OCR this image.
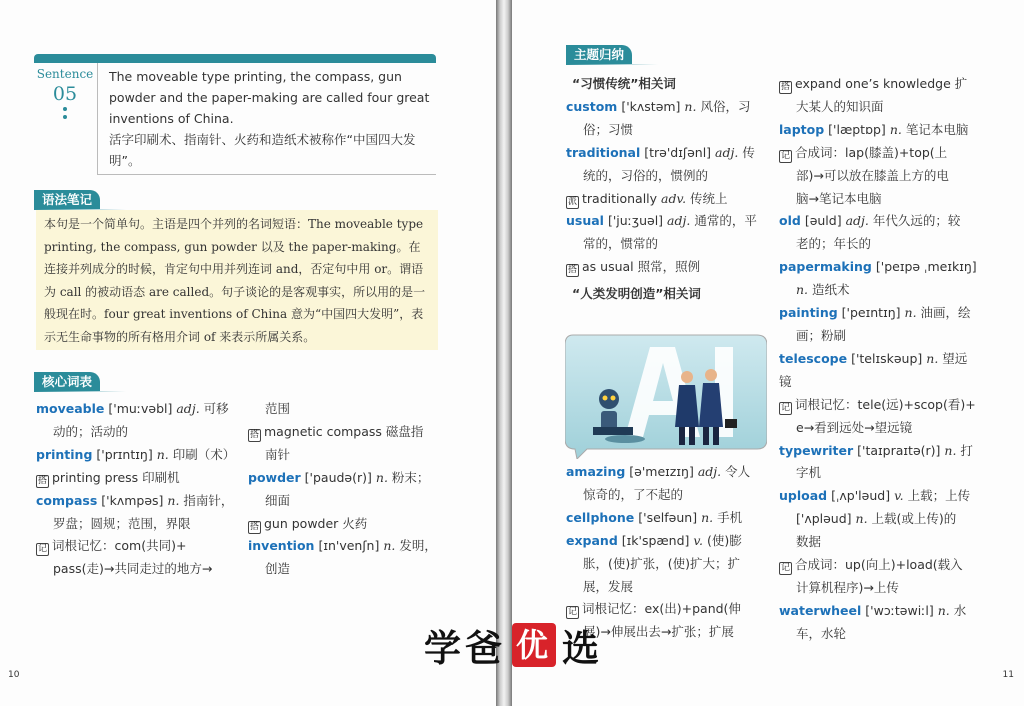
Sentence
05

The moveable type printing, the compass, gun powder and the paper-making are called four great inventions of China.

活字印刷术、指南针、火药和造纸术被称作“中国四大发明”。

语法笔记

本句是一个简单句。主语是四个并列的名词短语：The moveable type printing, the compass, gun powder 以及 the paper-making。在连接并列成分的时候，肯定句中用并列连词 and，否定句中用 or。谓语为 call 的被动语态 are called。句子谈论的是客观事实，所以用的是一般现在时。four great inventions of China 意为“中国四大发明”，表示无生命事物的所有格用介词 of 来表示所属关系。

核心词表

moveable ['muːvəbl] adj. 可移

动的；活动的

printing ['prɪntɪŋ] n. 印刷（术）

搭 printing press 印刷机

compass ['kʌmpəs] n. 指南针，

罗盘；圆规；范围，界限

记 词根记忆：com(共同)+

pass(走)→共同走过的地方→

范围

搭 magnetic compass 磁盘指

南针

powder ['paudə(r)] n. 粉末；

细面

搭 gun powder 火药

invention [ɪn'venʃn] n. 发明，

创造

10
主题归纳

“习惯传统”相关词

custom ['kʌstəm] n. 风俗，习

俗；习惯

traditional [trə'dɪʃənl] adj. 传

统的，习俗的，惯例的

派 traditionally adv. 传统上

usual ['juːʒuəl] adj. 通常的，平

常的，惯常的

搭 as usual 照常，照例

“人类发明创造”相关词

amazing [ə'meɪzɪŋ] adj. 令人

惊奇的，了不起的

cellphone ['selfəun] n. 手机

expand [ɪk'spænd] v. (使)膨

胀，(使)扩张，(使)扩大；扩

展，发展

记 词根记忆：ex(出)+pand(伸

展)→伸展出去→扩张；扩展

搭 expand one’s knowledge 扩

大某人的知识面

laptop ['læptɒp] n. 笔记本电脑

记 合成词：lap(膝盖)+top(上

部)→可以放在膝盖上方的电

脑→笔记本电脑

old [əuld] adj. 年代久远的；较

老的；年长的

papermaking ['peɪpə ˌmeɪkɪŋ]

n. 造纸术

painting ['peɪntɪŋ] n. 油画，绘

画；粉刷

telescope ['telɪskəup] n. 望远镜

记 词根记忆：tele(远)+scop(看)+

e→看到远处→望远镜

typewriter ['taɪpraɪtə(r)] n. 打

字机

upload [ˌʌp'ləud] v. 上载；上传

['ʌpləud] n. 上载(或上传)的

数据

记 合成词：up(向上)+load(载入

计算机程序)→上传

waterwheel ['wɔːtəwiːl] n. 水

车，水轮

11
学爸 优 选
